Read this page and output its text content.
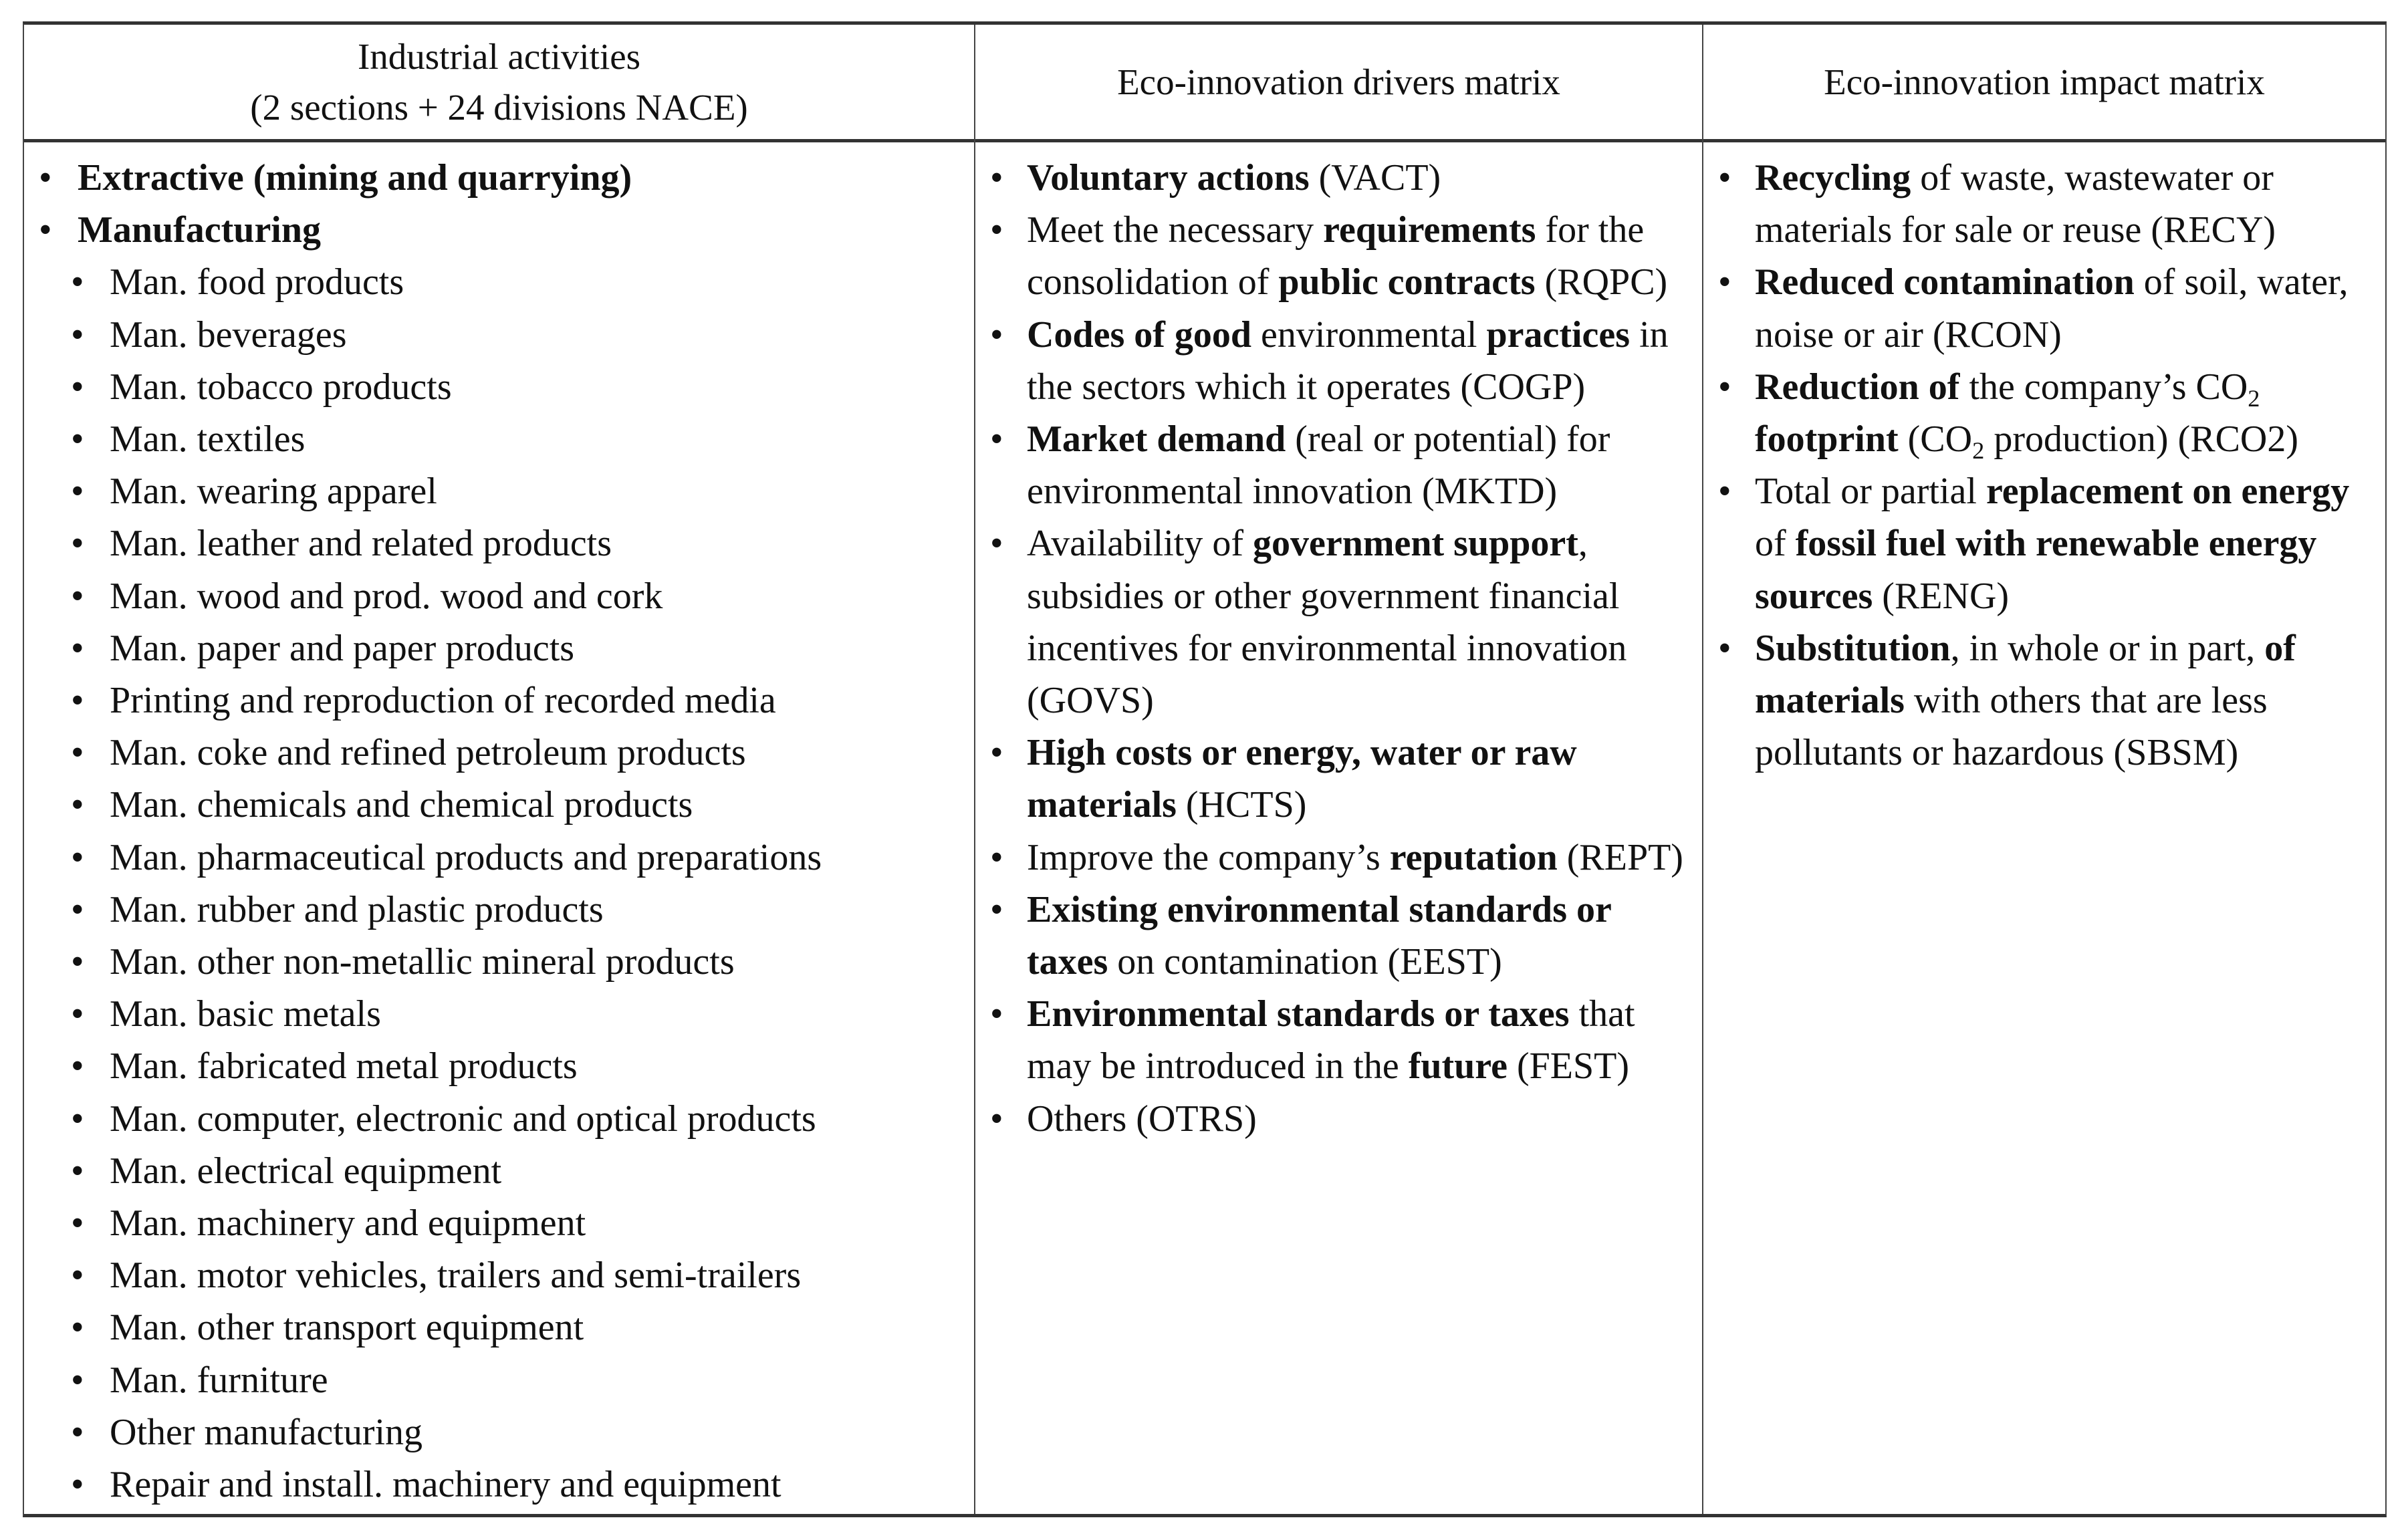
Industrial activities
(2 sections + 24 divisions NACE)
• Extractive (mining and quarrying)
• Manufacturing
• Man. food products
• Man. beverages
• Man. tobacco products
• Man. textiles
• Man. wearing apparel
• Man. leather and related products
• Man. wood and prod. wood and cork
• Man. paper and paper products
• Printing and reproduction of recorded media
• Man. coke and refined petroleum products
• Man. chemicals and chemical products
• Man. pharmaceutical products and preparations
• Man. rubber and plastic products
• Man. other non-metallic mineral products
• Man. basic metals
• Man. fabricated metal products
• Man. computer, electronic and optical products
• Man. electrical equipment
• Man. machinery and equipment
• Man. motor vehicles, trailers and semi-trailers
• Man. other transport equipment
• Man. furniture
• Other manufacturing
• Repair and install. machinery and equipment
Eco-innovation drivers matrix
• Voluntary actions (VACT)
• Meet the necessary requirements for the consolidation of public contracts (RQPC)
• Codes of good environmental practices in the sectors which it operates (COGP)
• Market demand (real or potential) for environmental innovation (MKTD)
• Availability of government support, subsidies or other government financial incentives for environmental innovation (GOVS)
• High costs or energy, water or raw materials (HCTS)
• Improve the company’s reputation (REPT)
• Existing environmental standards or taxes on contamination (EEST)
• Environmental standards or taxes that may be introduced in the future (FEST)
• Others (OTRS)
Eco-innovation impact matrix
• Recycling of waste, wastewater or materials for sale or reuse (RECY)
• Reduced contamination of soil, water, noise or air (RCON)
• Reduction of the company’s $CO_2$ footprint ($CO_2$ production) (RCO2)
• Total or partial replacement on energy of fossil fuel with renewable energy sources (RENG)
• Substitution, in whole or in part, of materials with others that are less pollutants or hazardous (SBSM)
